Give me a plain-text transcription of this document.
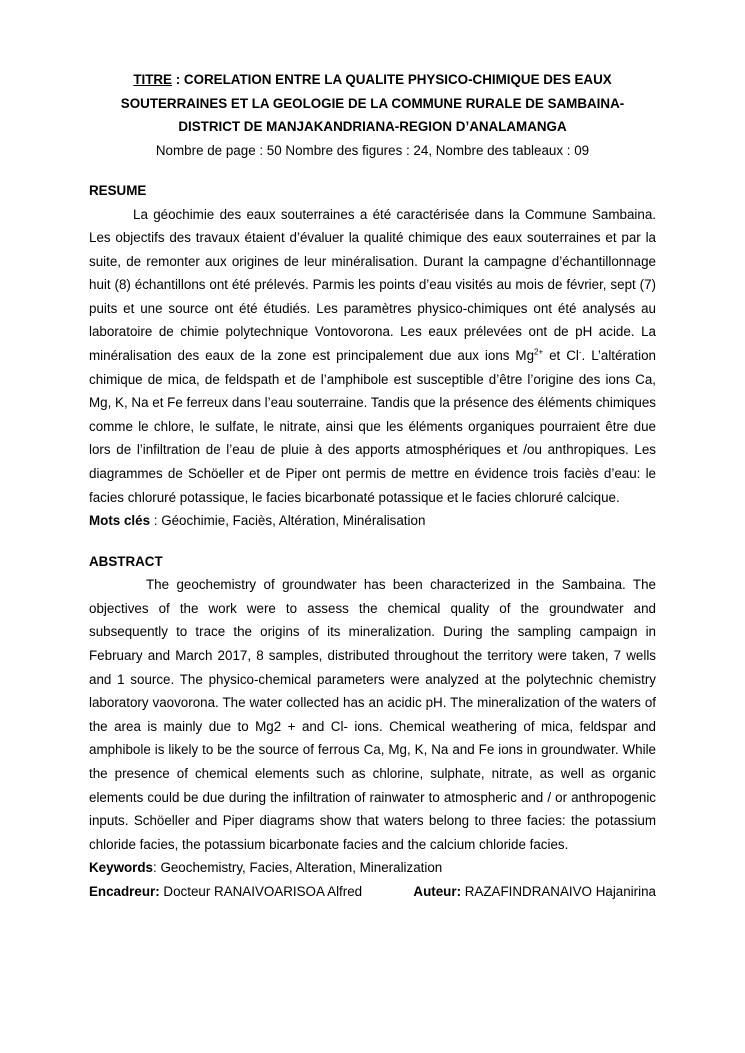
TITRE : CORELATION ENTRE LA QUALITE PHYSICO-CHIMIQUE DES EAUX
SOUTERRAINES ET LA GEOLOGIE DE LA COMMUNE RURALE DE SAMBAINA-
DISTRICT DE MANJAKANDRIANA-REGION D’ANALAMANGA
Nombre de page : 50 Nombre des figures : 24, Nombre des tableaux : 09
RESUME

La géochimie des eaux souterraines a été caractérisée dans la Commune Sambaina. Les objectifs des travaux étaient d’évaluer la qualité chimique des eaux souterraines et par la suite, de remonter aux origines de leur minéralisation. Durant la campagne d’échantillonnage huit (8) échantillons ont été prélevés. Parmis les points d’eau visités au mois de février, sept (7) puits et une source ont été étudiés. Les paramètres physico-chimiques ont été analysés au laboratoire de chimie polytechnique Vontovorona. Les eaux prélevées ont de pH acide. La minéralisation des eaux de la zone est principalement due aux ions $Mg^{2+}$ et Cl-. L’altération chimique de mica, de feldspath et de l’amphibole est susceptible d’être l’origine des ions Ca, Mg, K, Na et Fe ferreux dans l’eau souterraine. Tandis que la présence des éléments chimiques comme le chlore, le sulfate, le nitrate, ainsi que les éléments organiques pourraient être due lors de l’infiltration de l’eau de pluie à des apports atmosphériques et /ou anthropiques. Les diagrammes de Schöeller et de Piper ont permis de mettre en évidence trois faciès d’eau: le facies chloruré potassique, le facies bicarbonaté potassique et le facies chloruré calcique.

Mots clés : Géochimie, Faciès, Altération, Minéralisation
ABSTRACT

The geochemistry of groundwater has been characterized in the Sambaina. The objectives of the work were to assess the chemical quality of the groundwater and subsequently to trace the origins of its mineralization. During the sampling campaign in February and March 2017, 8 samples, distributed throughout the territory were taken, 7 wells and 1 source. The physico-chemical parameters were analyzed at the polytechnic chemistry laboratory vaovorona. The water collected has an acidic pH. The mineralization of the waters of the area is mainly due to Mg2 + and Cl- ions. Chemical weathering of mica, feldspar and amphibole is likely to be the source of ferrous Ca, Mg, K, Na and Fe ions in groundwater. While the presence of chemical elements such as chlorine, sulphate, nitrate, as well as organic elements could be due during the infiltration of rainwater to atmospheric and / or anthropogenic inputs. Schöeller and Piper diagrams show that waters belong to three facies: the potassium chloride facies, the potassium bicarbonate facies and the calcium chloride facies.

Keywords: Geochemistry, Facies, Alteration, Mineralization
Encadreur: Docteur RANAIVOARISOA Alfred	Auteur: RAZAFINDRANAIVO Hajanirina
